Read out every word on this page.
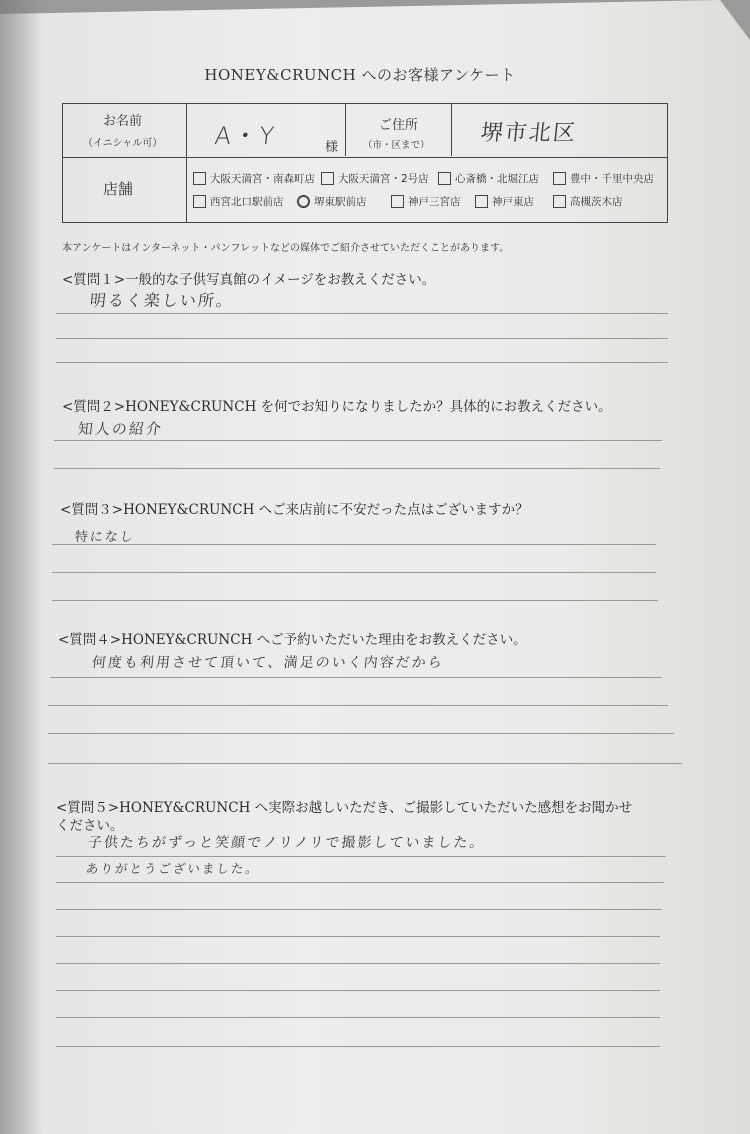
HONEY&CRUNCH へのお客様アンケート
お名前
（イニシャル可） A・Y	様
ご住所
（市・区まで） 堺市北区
店舗
大阪天満宮・南森町店 大阪天満宮・2号店	心斎橋・北堀江店	豊中・千里中央店
西宮北口駅前店	堺東駅前店	神戸三宮店	神戸東店	高槻茨木店
本アンケートはインターネット・パンフレットなどの媒体でご紹介させていただくことがあります。
<質問１>一般的な子供写真館のイメージをお教えください。
明るく楽しい所。
<質問２>HONEY&CRUNCH を何でお知りになりましたか？具体的にお教えください。
知人の紹介
<質問３>HONEY&CRUNCH へご来店前に不安だった点はございますか？
特になし
<質問４>HONEY&CRUNCH へご予約いただいた理由をお教えください。
何度も利用させて頂いて、満足のいく内容だから
<質問５>HONEY&CRUNCH へ実際お越しいただき、ご撮影していただいた感想をお聞かせ
ください。
子供たちがずっと笑顔でノリノリで撮影していました。
ありがとうございました。
